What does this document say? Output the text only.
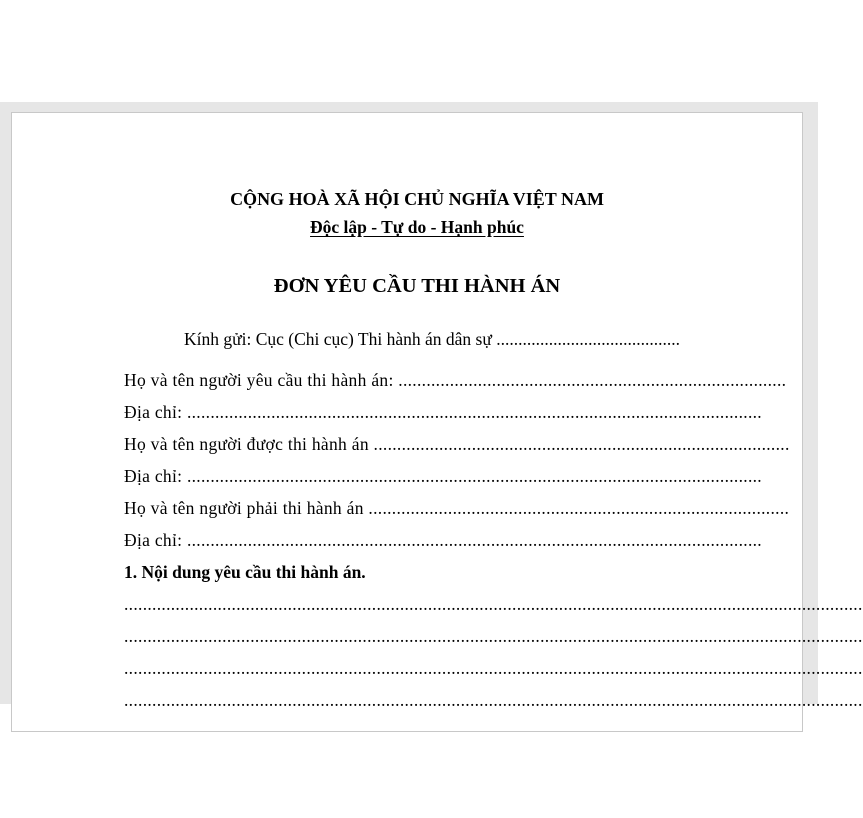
CỘNG HOÀ XÃ HỘI CHỦ NGHĨA VIỆT NAM
Độc lập - Tự do - Hạnh phúc
ĐƠN YÊU CẦU THI HÀNH ÁN
Kính gửi: Cục (Chi cục) Thi hành án dân sự ..........................................
Họ và tên người yêu cầu thi hành án: ...................................................................................
Địa chỉ: ...........................................................................................................................
Họ và tên người được thi hành án .........................................................................................
Địa chỉ: ...........................................................................................................................
Họ và tên người phải thi hành án ..........................................................................................
Địa chỉ: ...........................................................................................................................
1. Nội dung yêu cầu thi hành án.
..............................................................................................................................................................
..............................................................................................................................................................
..............................................................................................................................................................
..............................................................................................................................................................
